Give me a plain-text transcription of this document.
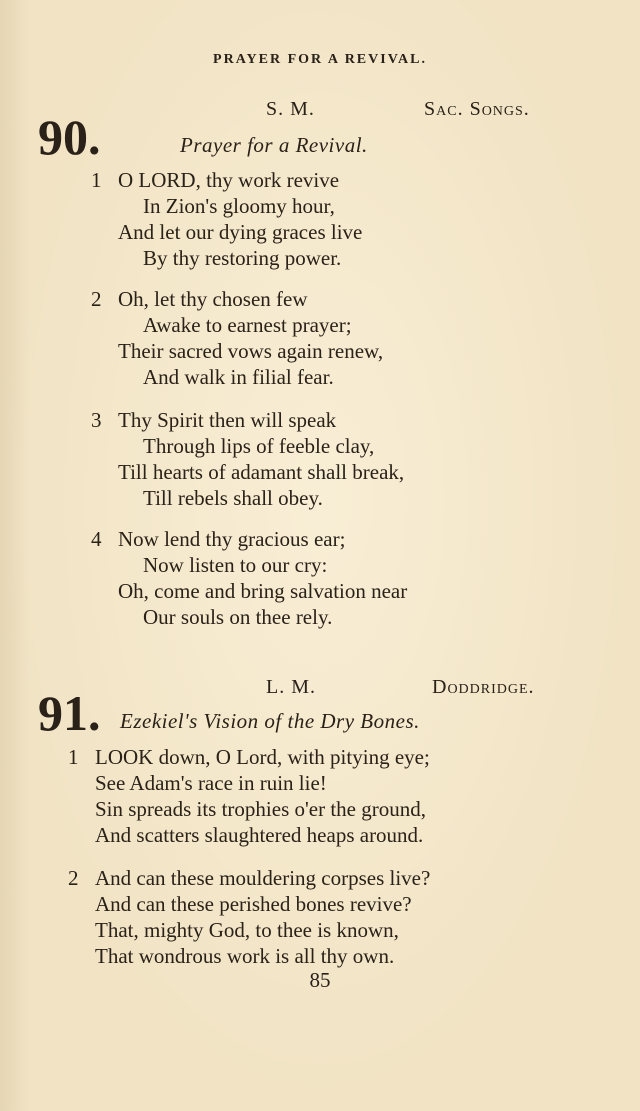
PRAYER FOR A REVIVAL.
90.	S. M.	Sac. Songs.
Prayer for a Revival.
1 O LORD, thy work revive
In Zion's gloomy hour,
And let our dying graces live
By thy restoring power.
2 Oh, let thy chosen few
Awake to earnest prayer;
Their sacred vows again renew,
And walk in filial fear.
3 Thy Spirit then will speak
Through lips of feeble clay,
Till hearts of adamant shall break,
Till rebels shall obey.
4 Now lend thy gracious ear;
Now listen to our cry:
Oh, come and bring salvation near
Our souls on thee rely.
91.	L. M.	Doddridge.
Ezekiel's Vision of the Dry Bones.
1 LOOK down, O Lord, with pitying eye;
See Adam's race in ruin lie!
Sin spreads its trophies o'er the ground,
And scatters slaughtered heaps around.
2 And can these mouldering corpses live?
And can these perished bones revive?
That, mighty God, to thee is known,
That wondrous work is all thy own.
85
